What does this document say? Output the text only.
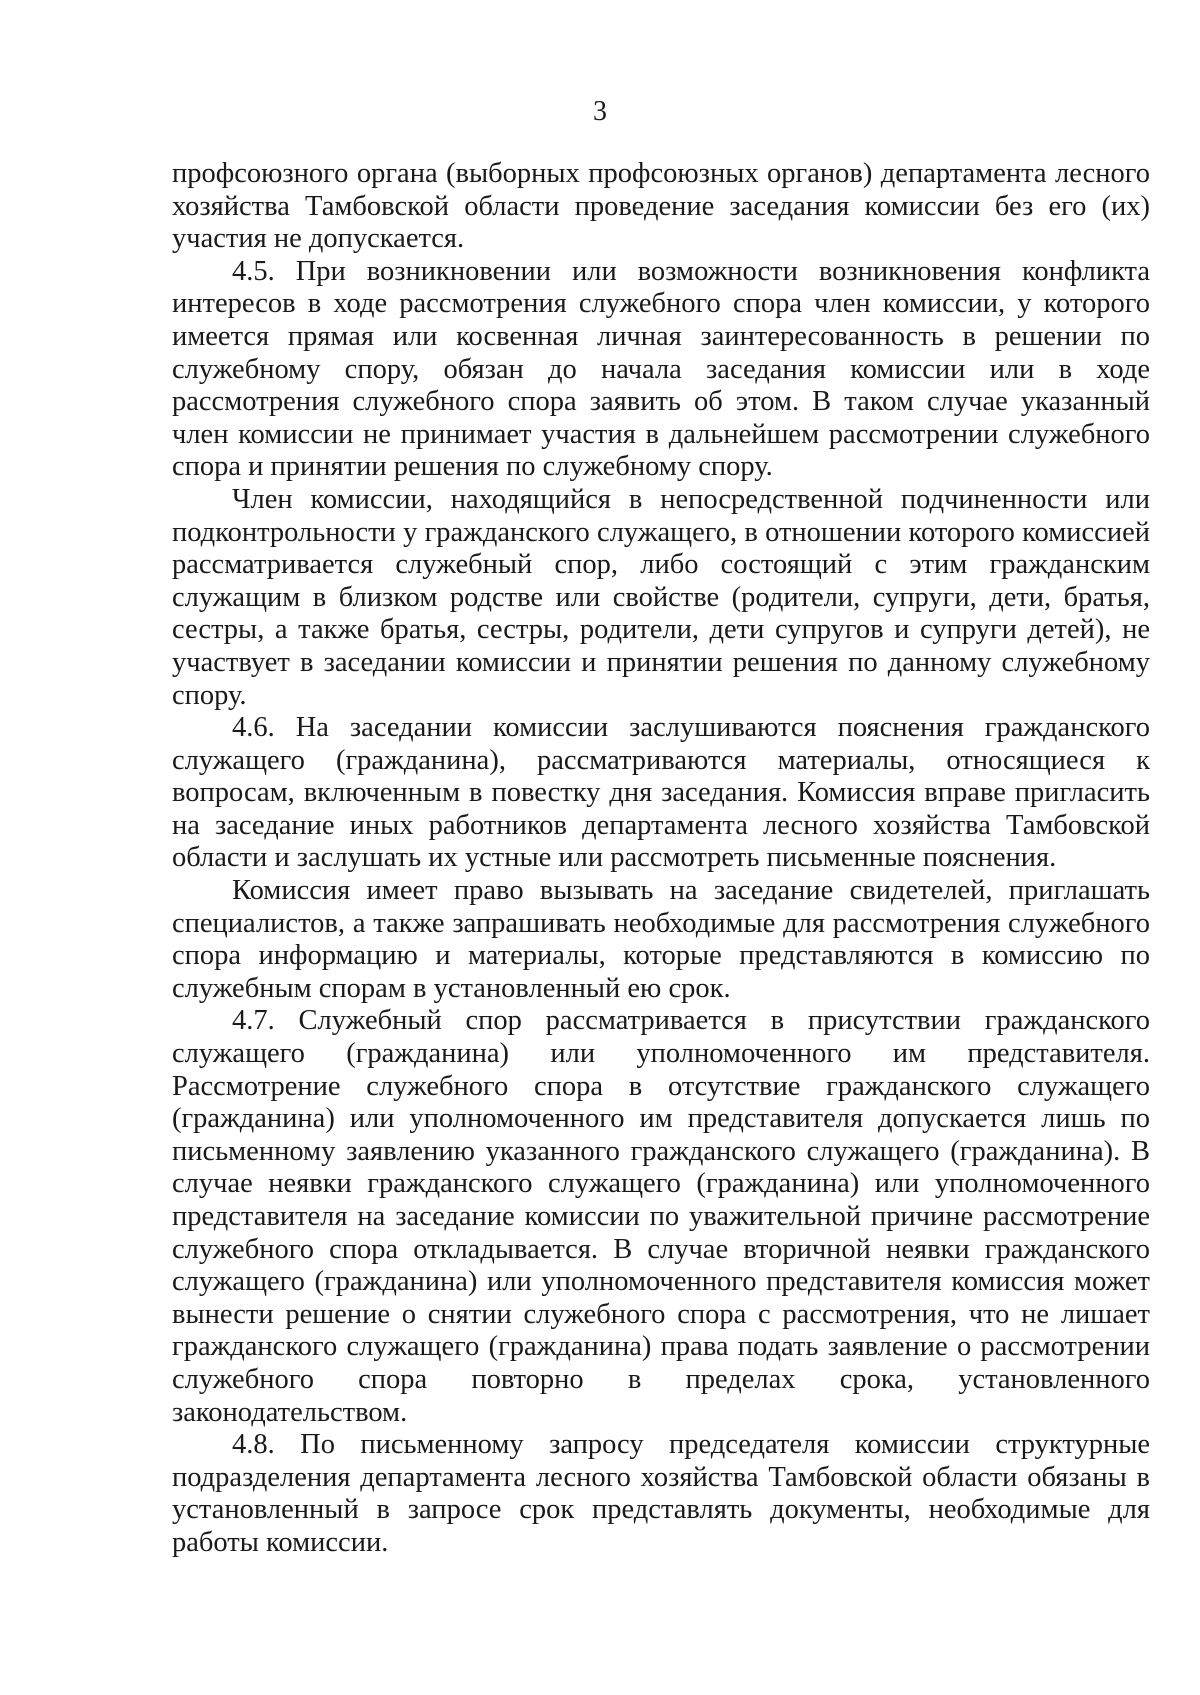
3

профсоюзного органа (выборных профсоюзных органов) департамента лесного хозяйства Тамбовской области проведение заседания комиссии без его (их) участия не допускается.

4.5. При возникновении или возможности возникновения конфликта интересов в ходе рассмотрения служебного спора член комиссии, у которого имеется прямая или косвенная личная заинтересованность в решении по служебному спору, обязан до начала заседания комиссии или в ходе рассмотрения служебного спора заявить об этом. В таком случае указанный член комиссии не принимает участия в дальнейшем рассмотрении служебного спора и принятии решения по служебному спору.

Член комиссии, находящийся в непосредственной подчиненности или подконтрольности у гражданского служащего, в отношении которого комиссией рассматривается служебный спор, либо состоящий с этим гражданским служащим в близком родстве или свойстве (родители, супруги, дети, братья, сестры, а также братья, сестры, родители, дети супругов и супруги детей), не участвует в заседании комиссии и принятии решения по данному служебному спору.

4.6. На заседании комиссии заслушиваются пояснения гражданского служащего (гражданина), рассматриваются материалы, относящиеся к вопросам, включенным в повестку дня заседания. Комиссия вправе пригласить на заседание иных работников департамента лесного хозяйства Тамбовской области и заслушать их устные или рассмотреть письменные пояснения.

Комиссия имеет право вызывать на заседание свидетелей, приглашать специалистов, а также запрашивать необходимые для рассмотрения служебного спора информацию и материалы, которые представляются в комиссию по служебным спорам в установленный ею срок.

4.7. Служебный спор рассматривается в присутствии гражданского служащего (гражданина) или уполномоченного им представителя. Рассмотрение служебного спора в отсутствие гражданского служащего (гражданина) или уполномоченного им представителя допускается лишь по письменному заявлению указанного гражданского служащего (гражданина). В случае неявки гражданского служащего (гражданина) или уполномоченного представителя на заседание комиссии по уважительной причине рассмотрение служебного спора откладывается. В случае вторичной неявки гражданского служащего (гражданина) или уполномоченного представителя комиссия может вынести решение о снятии служебного спора с рассмотрения, что не лишает гражданского служащего (гражданина) права подать заявление о рассмотрении служебного спора повторно в пределах срока, установленного законодательством.

4.8. По письменному запросу председателя комиссии структурные подразделения департамента лесного хозяйства Тамбовской области обязаны в установленный в запросе срок представлять документы, необходимые для работы комиссии.
